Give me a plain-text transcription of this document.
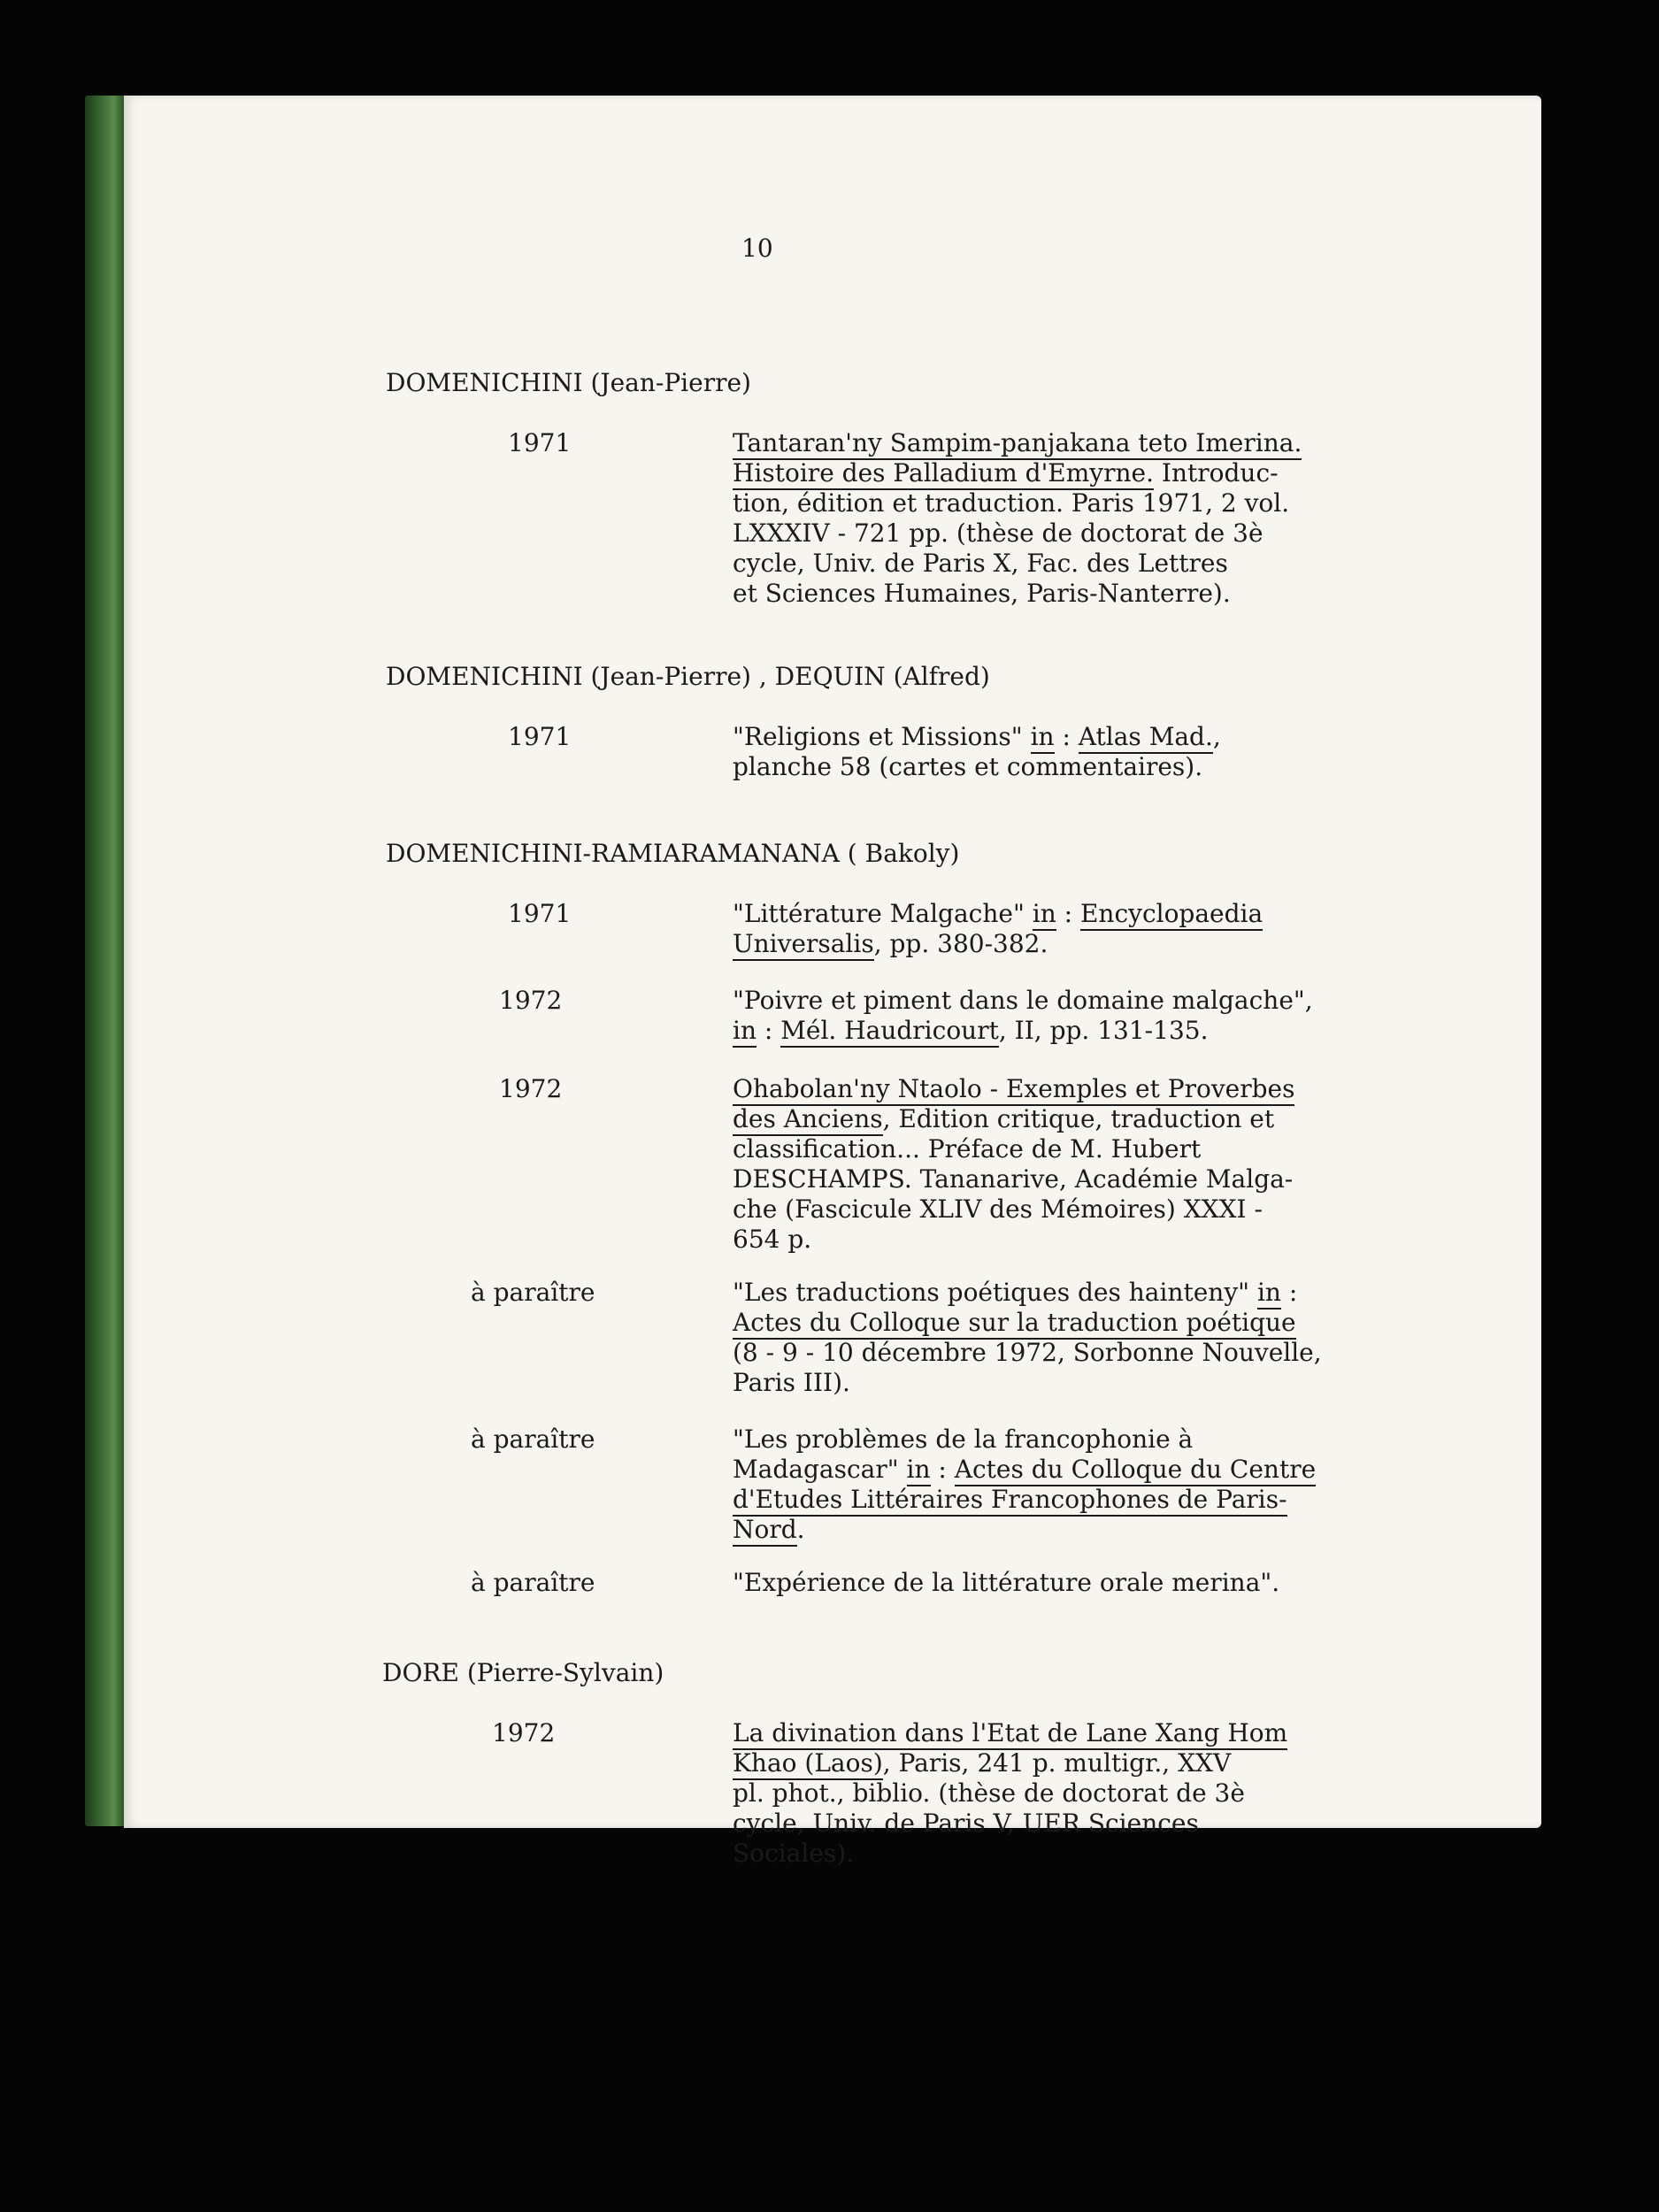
10
DOMENICHINI (Jean-Pierre)
1971	Tantaran'ny Sampim-panjakana teto Imerina.
Histoire des Palladium d'Emyrne. Introduc-
tion, édition et traduction. Paris 1971, 2 vol.
LXXXIV - 721 pp. (thèse de doctorat de 3è
cycle, Univ. de Paris X, Fac. des Lettres
et Sciences Humaines, Paris-Nanterre).
DOMENICHINI (Jean-Pierre) , DEQUIN (Alfred)
1971	"Religions et Missions" in : Atlas Mad.,
planche 58 (cartes et commentaires).
DOMENICHINI-RAMIARAMANANA ( Bakoly)
1971	"Littérature Malgache" in : Encyclopaedia
Universalis, pp. 380-382.
1972	"Poivre et piment dans le domaine malgache",
in : Mél. Haudricourt, II, pp. 131-135.
1972	Ohabolan'ny Ntaolo - Exemples et Proverbes
des Anciens, Edition critique, traduction et
classification... Préface de M. Hubert
DESCHAMPS. Tananarive, Académie Malga-
che (Fascicule XLIV des Mémoires) XXXI -
654 p.
à paraître	"Les traductions poétiques des hainteny" in :
Actes du Colloque sur la traduction poétique
(8 - 9 - 10 décembre 1972, Sorbonne Nouvelle,
Paris III).
à paraître	"Les problèmes de la francophonie à
Madagascar" in : Actes du Colloque du Centre
d'Etudes Littéraires Francophones de Paris-
Nord.
à paraître	"Expérience de la littérature orale merina".
DORE (Pierre-Sylvain)
1972	La divination dans l'Etat de Lane Xang Hom
Khao (Laos), Paris, 241 p. multigr., XXV
pl. phot., biblio. (thèse de doctorat de 3è
cycle, Univ. de Paris V, UER Sciences
Sociales).
